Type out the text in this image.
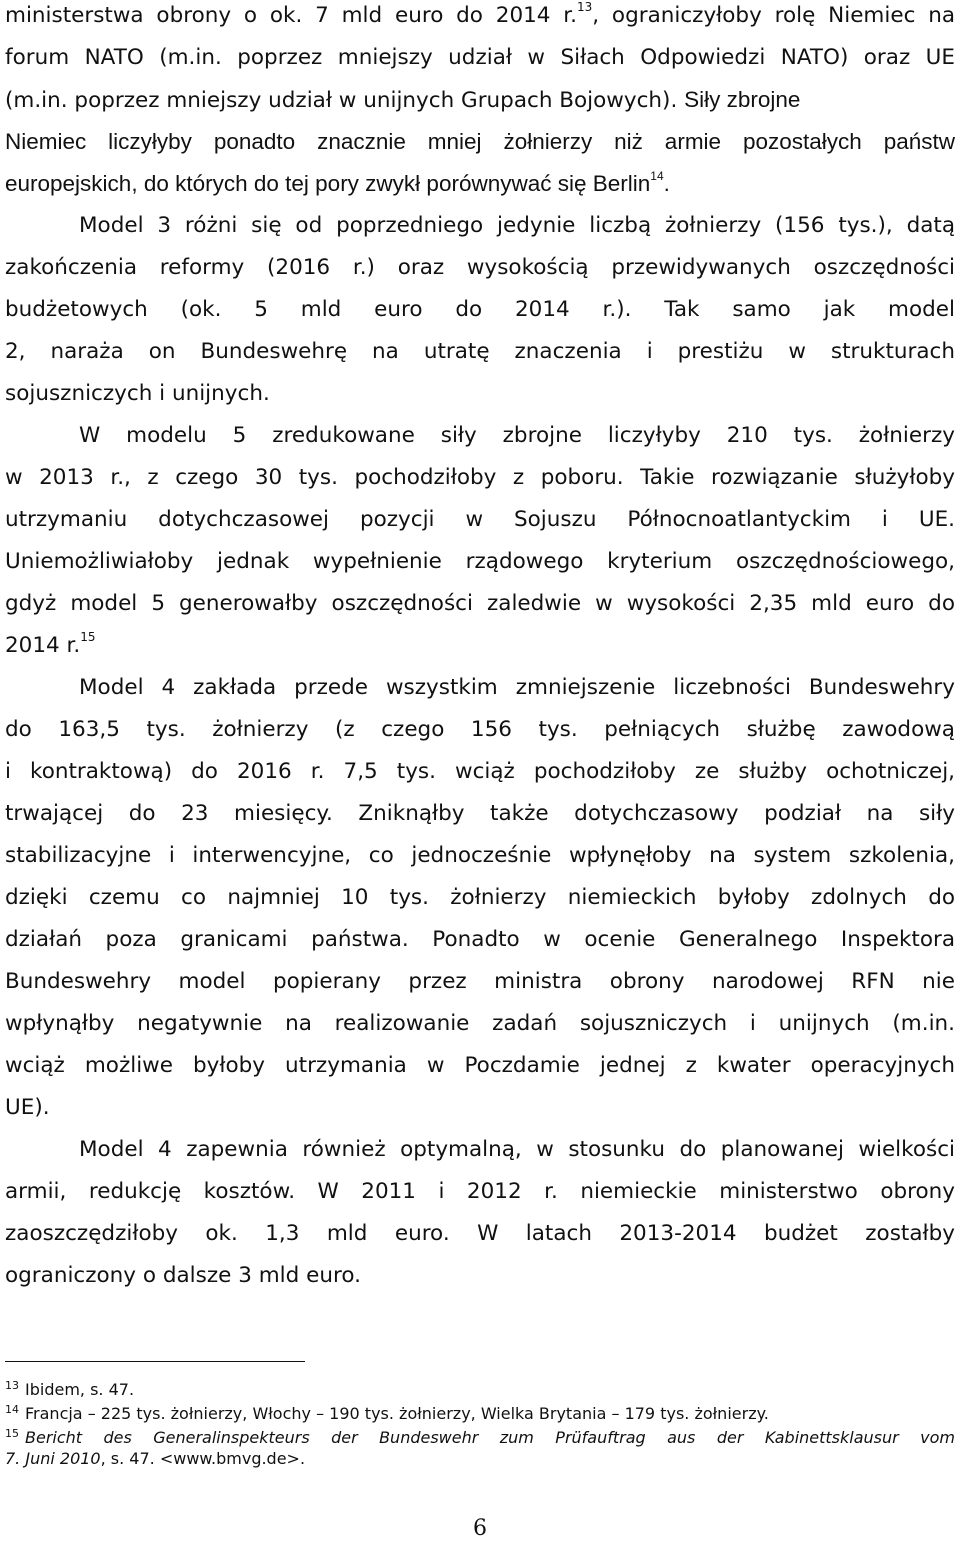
ministerstwa obrony o ok. 7 mld euro do 2014 r.$^{13}$, ograniczyłoby rolę Niemiec na

forum NATO (m.in. poprzez mniejszy udział w Siłach Odpowiedzi NATO) oraz UE

(m.in. poprzez mniejszy udział w unijnych Grupach Bojowych). Siły zbrojne

Niemiec liczyłyby ponadto znacznie mniej żołnierzy niż armie pozostałych państw

europejskich, do których do tej pory zwykł porównywać się Berlin$^{14}$.

Model 3 różni się od poprzedniego jedynie liczbą żołnierzy (156 tys.), datą

zakończenia reformy (2016 r.) oraz wysokością przewidywanych oszczędności

budżetowych (ok. 5 mld euro do 2014 r.). Tak samo jak model

2, naraża on Bundeswehrę na utratę znaczenia i prestiżu w strukturach

sojuszniczych i unijnych.

W modelu 5 zredukowane siły zbrojne liczyłyby 210 tys. żołnierzy

w 2013 r., z czego 30 tys. pochodziłoby z poboru. Takie rozwiązanie służyłoby

utrzymaniu dotychczasowej pozycji w Sojuszu Północnoatlantyckim i UE.

Uniemożliwiałoby jednak wypełnienie rządowego kryterium oszczędnościowego,

gdyż model 5 generowałby oszczędności zaledwie w wysokości 2,35 mld euro do

2014 r.$^{15}$

Model 4 zakłada przede wszystkim zmniejszenie liczebności Bundeswehry

do 163,5 tys. żołnierzy (z czego 156 tys. pełniących służbę zawodową

i kontraktową) do 2016 r. 7,5 tys. wciąż pochodziłoby ze służby ochotniczej,

trwającej do 23 miesięcy. Zniknąłby także dotychczasowy podział na siły

stabilizacyjne i interwencyjne, co jednocześnie wpłynęłoby na system szkolenia,

dzięki czemu co najmniej 10 tys. żołnierzy niemieckich byłoby zdolnych do

działań poza granicami państwa. Ponadto w ocenie Generalnego Inspektora

Bundeswehry model popierany przez ministra obrony narodowej RFN nie

wpłynąłby negatywnie na realizowanie zadań sojuszniczych i unijnych (m.in.

wciąż możliwe byłoby utrzymania w Poczdamie jednej z kwater operacyjnych

UE).

Model 4 zapewnia również optymalną, w stosunku do planowanej wielkości

armii, redukcję kosztów. W 2011 i 2012 r. niemieckie ministerstwo obrony

zaoszczędziłoby ok. 1,3 mld euro. W latach 2013-2014 budżet zostałby

ograniczony o dalsze 3 mld euro.

$^{13}$ Ibidem, s. 47.

$^{14}$ Francja – 225 tys. żołnierzy, Włochy – 190 tys. żołnierzy, Wielka Brytania – 179 tys. żołnierzy.

$^{15}$ Bericht des Generalinspekteurs der Bundeswehr zum Prüfauftrag aus der Kabinettsklausur vom

7. Juni 2010, s. 47. <www.bmvg.de>.

6
